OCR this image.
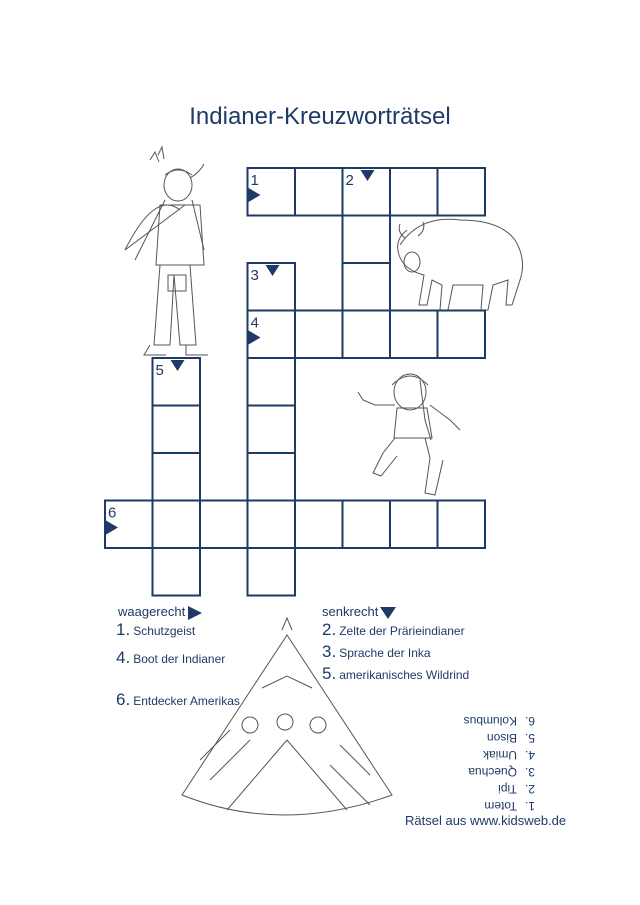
Indianer-Kreuzworträtsel
1	2
3
4
5
6
waagerecht	senkrecht
1. Schutzgeist
4. Boot der Indianer
6. Entdecker Amerikas
2. Zelte der Prärieindianer
3. Sprache der Inka
5. amerikanisches Wildrind
1.Totem
2.Tipi
3.Quechua
4.Umiak
5.Bison
6.Kolumbus
Rätsel aus www.kidsweb.de
